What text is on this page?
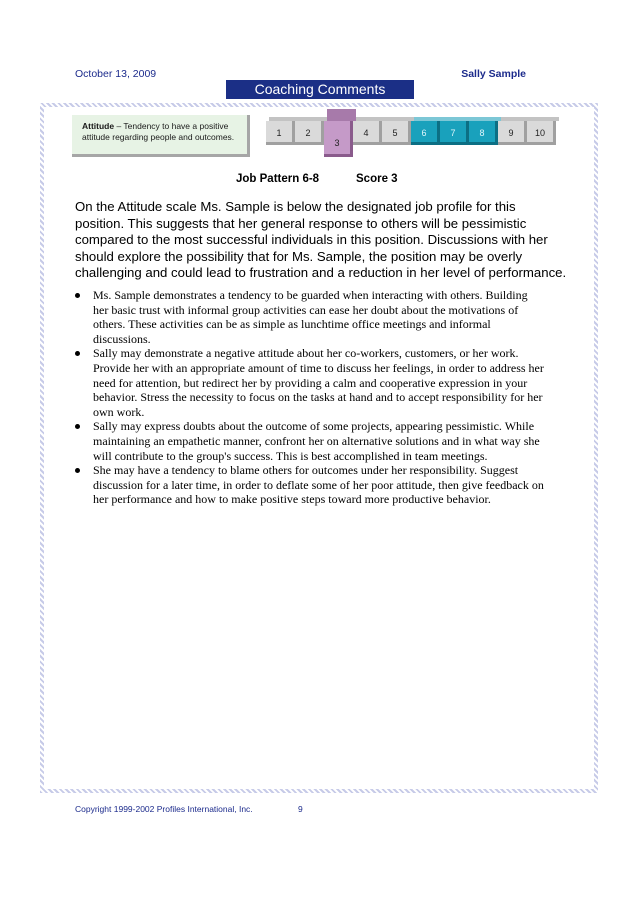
October 13, 2009	Sally Sample
Coaching Comments
Attitude – Tendency to have a positive attitude regarding people and outcomes.	1	2
3
4	5	6	7	8	9	10
Job Pattern 6-8	Score 3

On the Attitude scale Ms. Sample is below the designated job profile for this position. This suggests that her general response to others will be pessimistic compared to the most successful individuals in this position. Discussions with her should explore the possibility that for Ms. Sample, the position may be overly challenging and could lead to frustration and a reduction in her level of performance.

Ms. Sample demonstrates a tendency to be guarded when interacting with others. Building her basic trust with informal group activities can ease her doubt about the motivations of others. These activities can be as simple as lunchtime office meetings and informal discussions.
Sally may demonstrate a negative attitude about her co-workers, customers, or her work. Provide her with an appropriate amount of time to discuss her feelings, in order to address her need for attention, but redirect her by providing a calm and cooperative expression in your behavior. Stress the necessity to focus on the tasks at hand and to accept responsibility for her own work.
Sally may express doubts about the outcome of some projects, appearing pessimistic. While maintaining an empathetic manner, confront her on alternative solutions and in what way she will contribute to the group's success. This is best accomplished in team meetings.
She may have a tendency to blame others for outcomes under her responsibility. Suggest discussion for a later time, in order to deflate some of her poor attitude, then give feedback on her performance and how to make positive steps toward more productive behavior.
Copyright 1999-2002 Profiles International, Inc.	9
